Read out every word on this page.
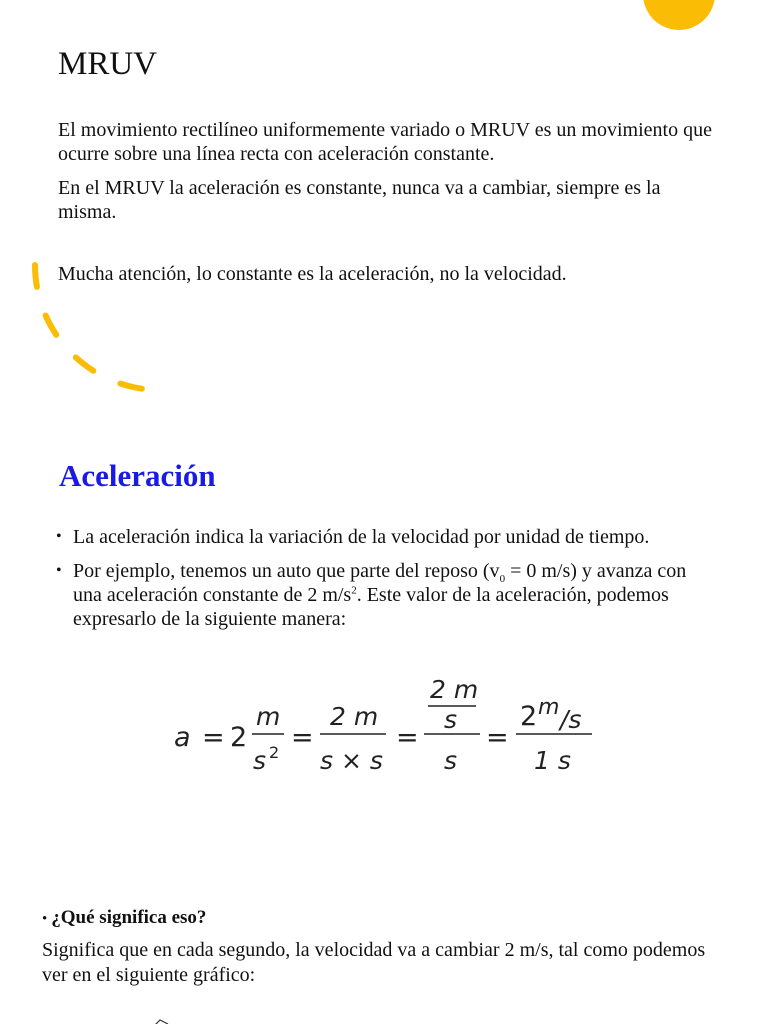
MRUV

El movimiento rectilíneo uniformemente variado o MRUV es un movimiento que ocurre sobre una línea recta con aceleración constante.

En el MRUV la aceleración es constante, nunca va a cambiar, siempre es la misma.

Mucha atención, lo constante es la aceleración, no la velocidad.

Aceleración
• La aceleración indica la variación de la velocidad por unidad de tiempo.
• Por ejemplo, tenemos un auto que parte del reposo ($v_0 = 0$ m/s) y avanza con una aceleración constante de 2 $m/s^2$. Este valor de la aceleración, podemos expresarlo de la siguiente manera:
a = 2
m
s 2 =
2 m
s × s
=
2 m
s
s
=
2 m /s
1 s

• ¿Qué significa eso?

Significa que en cada segundo, la velocidad va a cambiar 2 m/s, tal como podemos ver en el siguiente gráfico:
